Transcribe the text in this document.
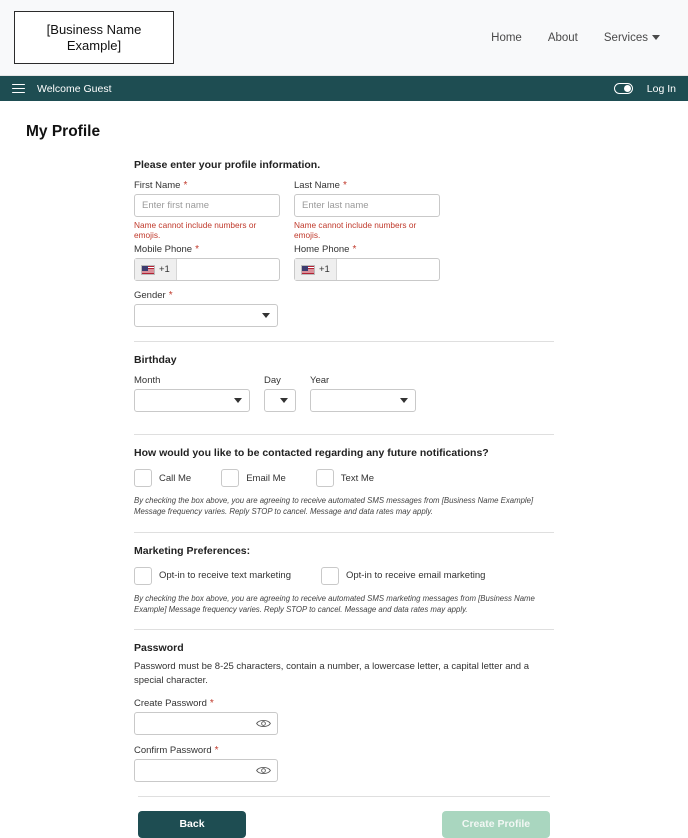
[Business Name Example]	Home About Services
Welcome Guest	Log In
My Profile
Please enter your profile information.
First Name *
Enter first name
Name cannot include numbers or emojis.
Last Name *
Enter last name
Name cannot include numbers or emojis.
Mobile Phone *
+1
Home Phone *
+1
Gender *
Birthday
Month	Day	Year
How would you like to be contacted regarding any future notifications?
Call Me	Email Me	Text Me
By checking the box above, you are agreeing to receive automated SMS messages from [Business Name Example] Message frequency varies. Reply STOP to cancel. Message and data rates may apply.
Marketing Preferences:
Opt-in to receive text marketing	Opt-in to receive email marketing
By checking the box above, you are agreeing to receive automated SMS marketing messages from [Business Name Example] Message frequency varies. Reply STOP to cancel. Message and data rates may apply.
Password
Password must be 8-25 characters, contain a number, a lowercase letter, a capital letter and a special character.
Create Password *
Confirm Password *
Back	Create Profile
